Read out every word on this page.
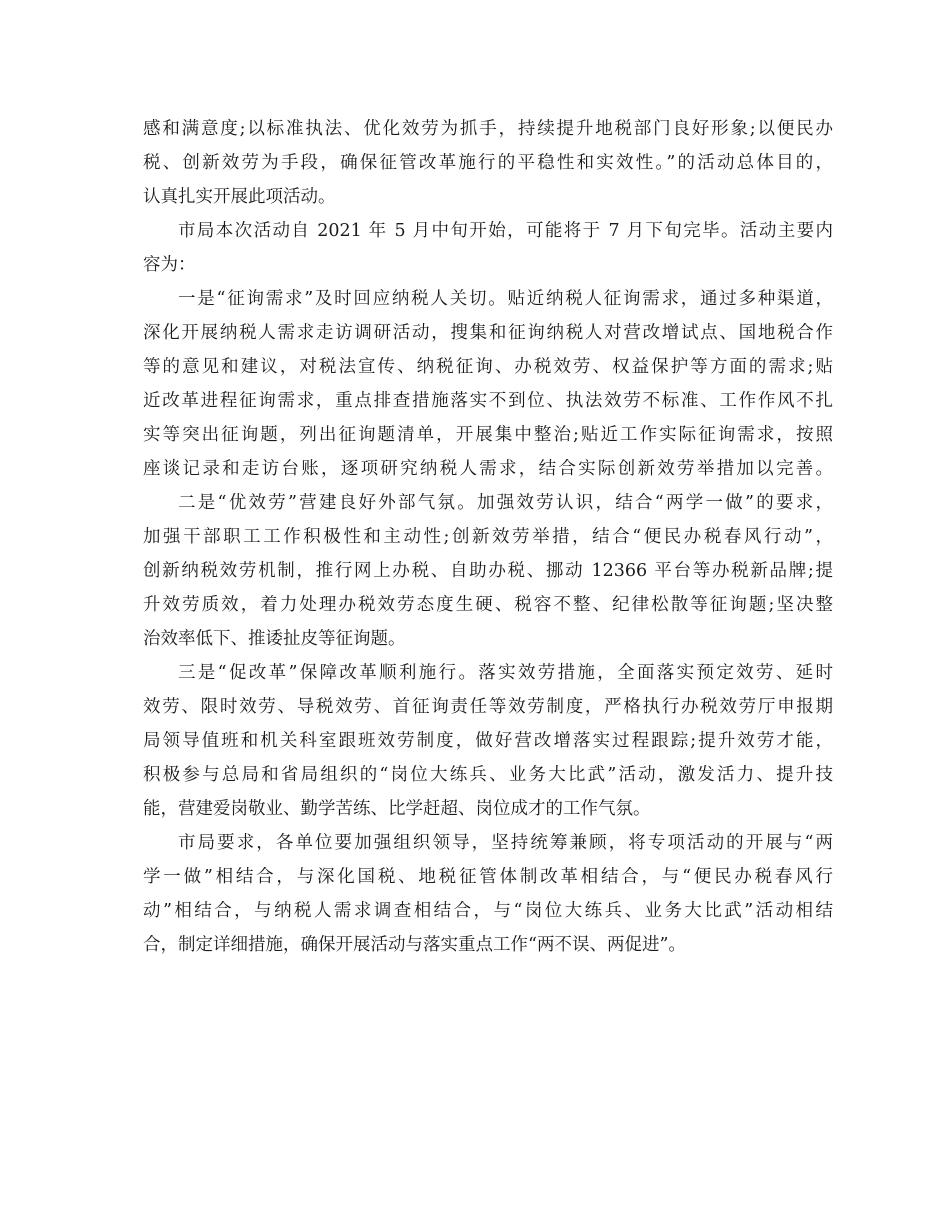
感和满意度;以标准执法、优化效劳为抓手，持续提升地税部门良好形象;以便民办
税、创新效劳为手段，确保征管改革施行的平稳性和实效性。”的活动总体目的，
认真扎实开展此项活动。
市局本次活动自 2021 年 5 月中旬开始，可能将于 7 月下旬完毕。活动主要内
容为：
一是“征询需求”及时回应纳税人关切。贴近纳税人征询需求，通过多种渠道，
深化开展纳税人需求走访调研活动，搜集和征询纳税人对营改增试点、国地税合作
等的意见和建议，对税法宣传、纳税征询、办税效劳、权益保护等方面的需求;贴
近改革进程征询需求，重点排查措施落实不到位、执法效劳不标准、工作作风不扎
实等突出征询题，列出征询题清单，开展集中整治;贴近工作实际征询需求，按照
座谈记录和走访台账，逐项研究纳税人需求，结合实际创新效劳举措加以完善。
二是“优效劳”营建良好外部气氛。加强效劳认识，结合“两学一做”的要求，
加强干部职工工作积极性和主动性;创新效劳举措，结合“便民办税春风行动”，
创新纳税效劳机制，推行网上办税、自助办税、挪动 12366 平台等办税新品牌;提
升效劳质效，着力处理办税效劳态度生硬、税容不整、纪律松散等征询题;坚决整
治效率低下、推诿扯皮等征询题。
三是“促改革”保障改革顺利施行。落实效劳措施，全面落实预定效劳、延时
效劳、限时效劳、导税效劳、首征询责任等效劳制度，严格执行办税效劳厅申报期
局领导值班和机关科室跟班效劳制度，做好营改增落实过程跟踪;提升效劳才能，
积极参与总局和省局组织的“岗位大练兵、业务大比武”活动，激发活力、提升技
能，营建爱岗敬业、勤学苦练、比学赶超、岗位成才的工作气氛。
市局要求，各单位要加强组织领导，坚持统筹兼顾，将专项活动的开展与“两
学一做”相结合，与深化国税、地税征管体制改革相结合，与“便民办税春风行
动”相结合，与纳税人需求调查相结合，与“岗位大练兵、业务大比武”活动相结
合，制定详细措施，确保开展活动与落实重点工作“两不误、两促进”。
